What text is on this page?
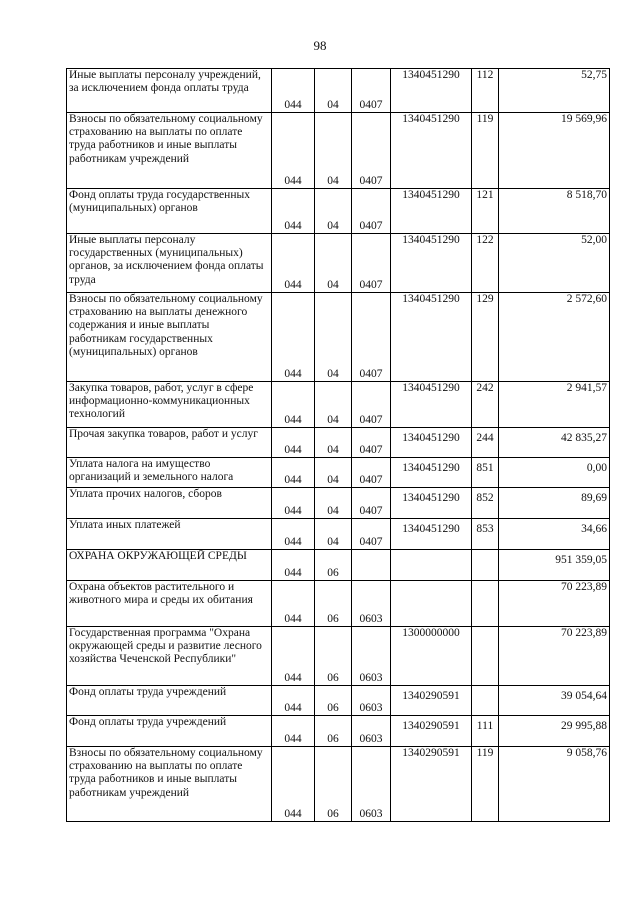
98
Иные выплаты персоналу учреждений, за исключением фонда оплаты труда	044	04	0407	1340451290	112	52,75
Взносы по обязательному социальному страхованию на выплаты по оплате труда работников и иные выплаты работникам учреждений	044	04	0407	1340451290	119	19 569,96
Фонд оплаты труда государственных (муниципальных) органов	044	04	0407	1340451290	121	8 518,70
Иные выплаты персоналу государственных (муниципальных) органов, за исключением фонда оплаты труда	044	04	0407	1340451290	122	52,00
Взносы по обязательному социальному страхованию на выплаты денежного содержания и иные выплаты работникам государственных (муниципальных) органов	044	04	0407	1340451290	129	2 572,60
Закупка товаров, работ, услуг в сфере информационно-коммуникационных технологий	044	04	0407	1340451290	242	2 941,57
Прочая закупка товаров, работ и услуг	044	04	0407	1340451290	244	42 835,27
Уплата налога на имущество организаций и земельного налога	044	04	0407	1340451290	851	0,00
Уплата прочих налогов, сборов	044	04	0407	1340451290	852	89,69
Уплата иных платежей	044	04	0407	1340451290	853	34,66
ОХРАНА ОКРУЖАЮЩЕЙ СРЕДЫ	044	06				951 359,05
Охрана объектов растительного и животного мира и среды их обитания	044	06	0603			70 223,89
Государственная программа "Охрана окружающей среды и развитие лесного хозяйства Чеченской Республики"	044	06	0603	1300000000		70 223,89
Фонд оплаты труда учреждений	044	06	0603	1340290591		39 054,64
Фонд оплаты труда учреждений	044	06	0603	1340290591	111	29 995,88
Взносы по обязательному социальному страхованию на выплаты по оплате труда работников и иные выплаты работникам учреждений	044	06	0603	1340290591	119	9 058,76
